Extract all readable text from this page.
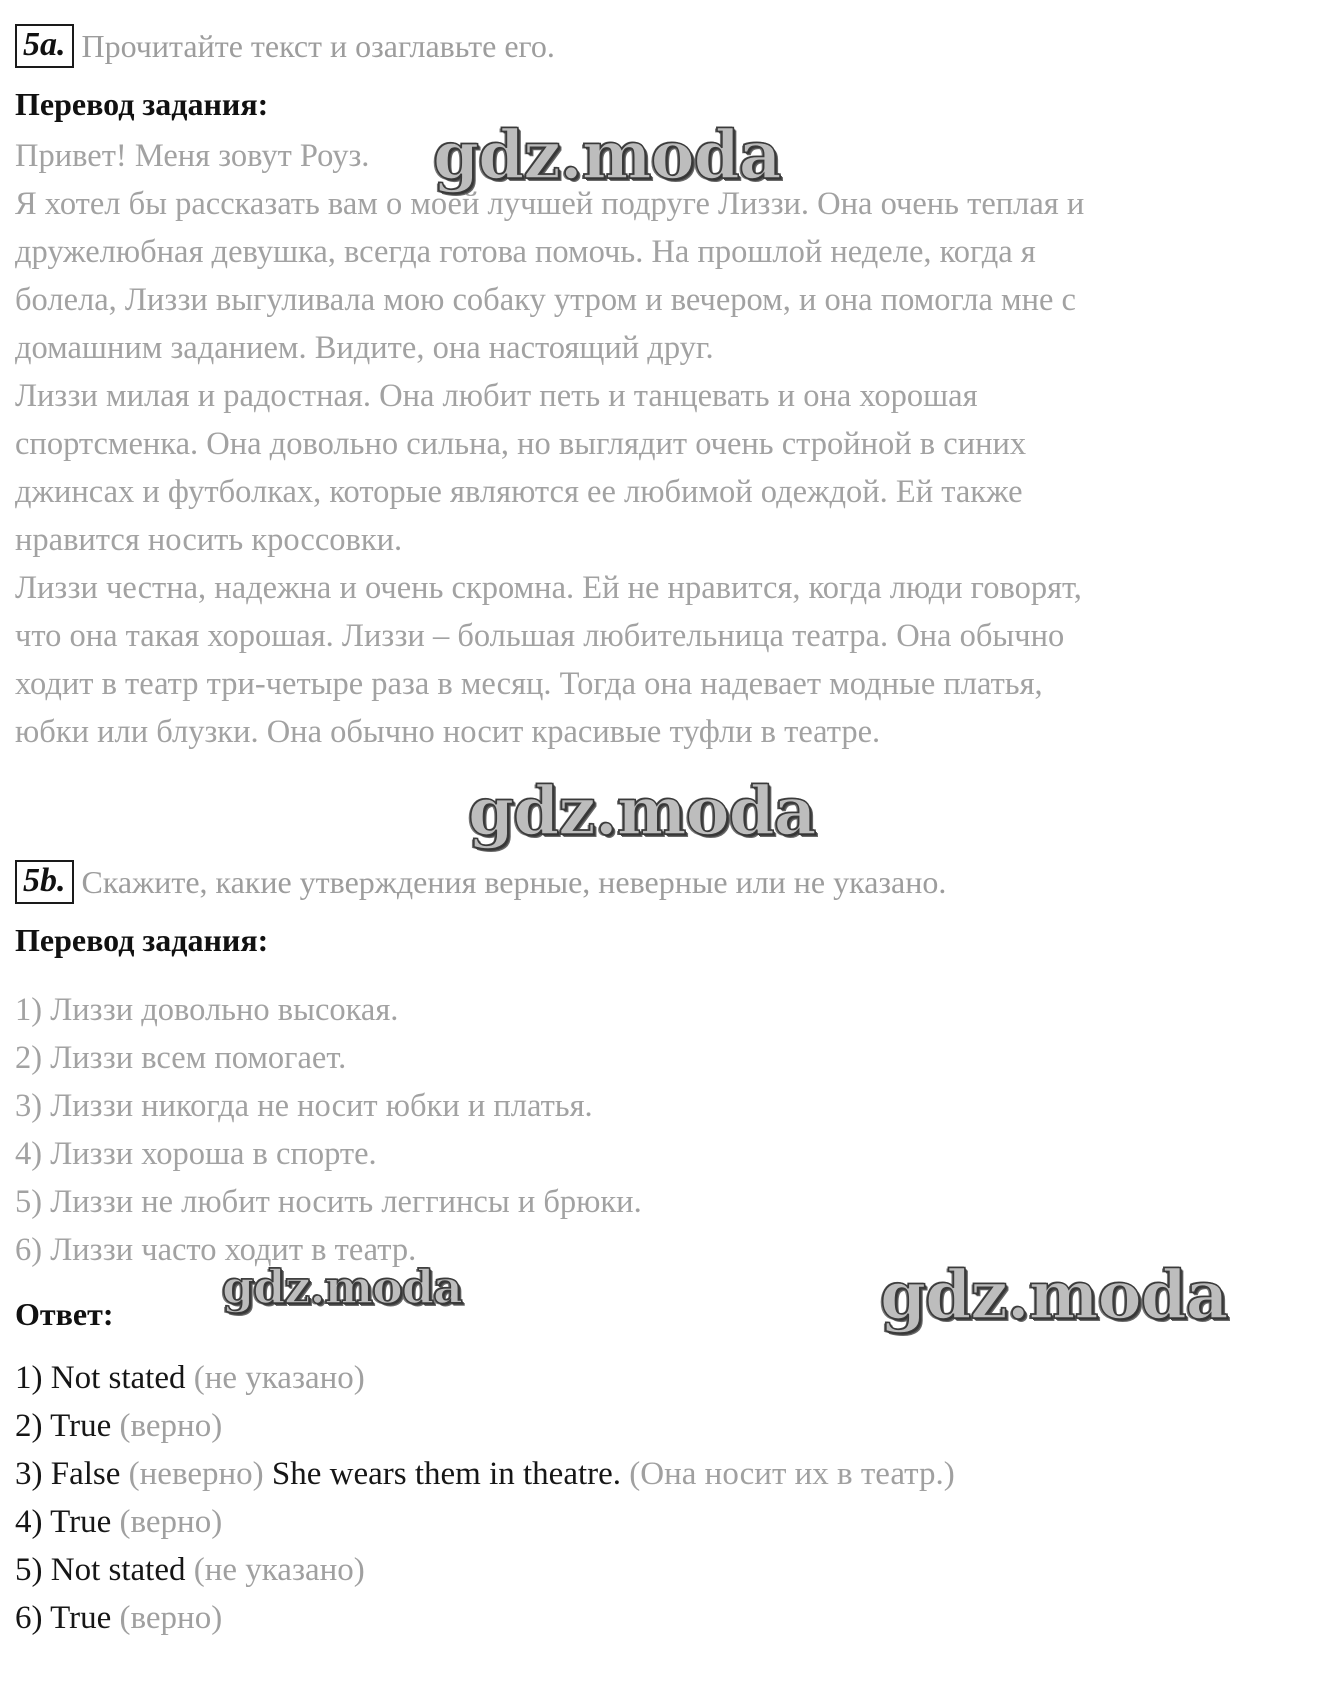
5a. Прочитайте текст и озаглавьте его.
Перевод задания:
Привет! Меня зовут Роуз.
Я хотел бы рассказать вам о моей лучшей подруге Лиззи. Она очень теплая и
дружелюбная девушка, всегда готова помочь. На прошлой неделе, когда я
болела, Лиззи выгуливала мою собаку утром и вечером, и она помогла мне с
домашним заданием. Видите, она настоящий друг.
Лиззи милая и радостная. Она любит петь и танцевать и она хорошая
спортсменка. Она довольно сильна, но выглядит очень стройной в синих
джинсах и футболках, которые являются ее любимой одеждой. Ей также
нравится носить кроссовки.
Лиззи честна, надежна и очень скромна. Ей не нравится, когда люди говорят,
что она такая хорошая. Лиззи – большая любительница театра. Она обычно
ходит в театр три-четыре раза в месяц. Тогда она надевает модные платья,
юбки или блузки. Она обычно носит красивые туфли в театре.
5b. Скажите, какие утверждения верные, неверные или не указано.
Перевод задания:
1) Лиззи довольно высокая.
2) Лиззи всем помогает.
3) Лиззи никогда не носит юбки и платья.
4) Лиззи хороша в спорте.
5) Лиззи не любит носить леггинсы и брюки.
6) Лиззи часто ходит в театр.
Ответ:
1) Not stated (не указано)
2) True (верно)
3) False (неверно) She wears them in theatre. (Она носит их в театр.)
4) True (верно)
5) Not stated (не указано)
6) True (верно)
gdz.moda
gdz.moda
gdz.moda	gdz.moda
